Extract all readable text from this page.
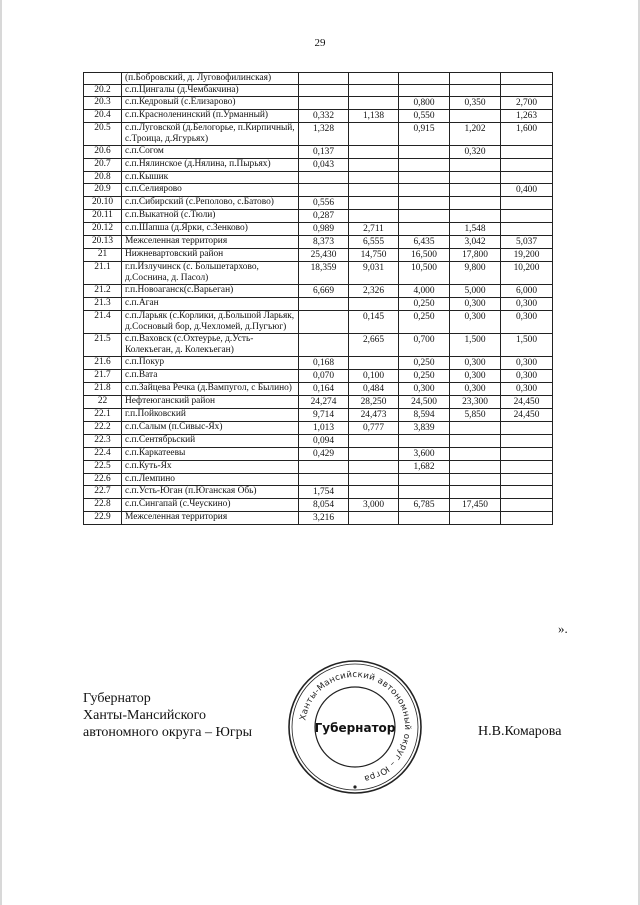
29
	(п.Бобровский, д. Луговофилинская)					
20.2	с.п.Цингалы (д.Чембакчина)					
20.3	с.п.Кедровый (с.Елизарово)			0,800	0,350	2,700
20.4	с.п.Красноленинский (п.Урманный)	0,332	1,138	0,550		1,263
20.5	с.п.Луговской (д.Белогорье, п.Кирпичный, с.Троица, д.Ягурьях)	1,328		0,915	1,202	1,600
20.6	с.п.Согом	0,137			0,320	
20.7	с.п.Нялинское (д.Нялина, п.Пырьях)	0,043				
20.8	с.п.Кышик					
20.9	с.п.Селиярово					0,400
20.10	с.п.Сибирский (с.Реполово, с.Батово)	0,556				
20.11	с.п.Выкатной (с.Тюли)	0,287				
20.12	с.п.Шапша (д.Ярки, с.Зенково)	0,989	2,711		1,548	
20.13	Межселенная территория	8,373	6,555	6,435	3,042	5,037
21	Нижневартовский район	25,430	14,750	16,500	17,800	19,200
21.1	г.п.Излучинск (с. Большетархово, д.Соснина, д. Пасол)	18,359	9,031	10,500	9,800	10,200
21.2	г.п.Новоаганск(с.Варьеган)	6,669	2,326	4,000	5,000	6,000
21.3	с.п.Аган			0,250	0,300	0,300
21.4	с.п.Ларьяк (с.Корлики, д.Большой Ларьяк, д.Сосновый бор, д.Чехломей, д.Пугъюг)		0,145	0,250	0,300	0,300
21.5	с.п.Ваховск (с.Охтеурье, д.Усть-Колекъеган, д. Колекъеган)		2,665	0,700	1,500	1,500
21.6	с.п.Покур	0,168		0,250	0,300	0,300
21.7	с.п.Вата	0,070	0,100	0,250	0,300	0,300
21.8	с.п.Зайцева Речка (д.Вампугол, с Былино)	0,164	0,484	0,300	0,300	0,300
22	Нефтеюганский район	24,274	28,250	24,500	23,300	24,450
22.1	г.п.Пойковский	9,714	24,473	8,594	5,850	24,450
22.2	с.п.Салым (п.Сивыс-Ях)	1,013	0,777	3,839		
22.3	с.п.Сентябрьский	0,094				
22.4	с.п.Каркатеевы	0,429		3,600		
22.5	с.п.Куть-Ях			1,682		
22.6	с.п.Лемпино					
22.7	с.п.Усть-Юган (п.Юганская Обь)	1,754				
22.8	с.п.Сингапай (с.Чеускино)	8,054	3,000	6,785	17,450	
22.9	Межселенная территория	3,216				
».
Губернатор
Ханты-Мансийского
автономного округа – Югры
Ханты-Мансийский автономный округ – Югра
Губернатор	Н.В.Комарова
